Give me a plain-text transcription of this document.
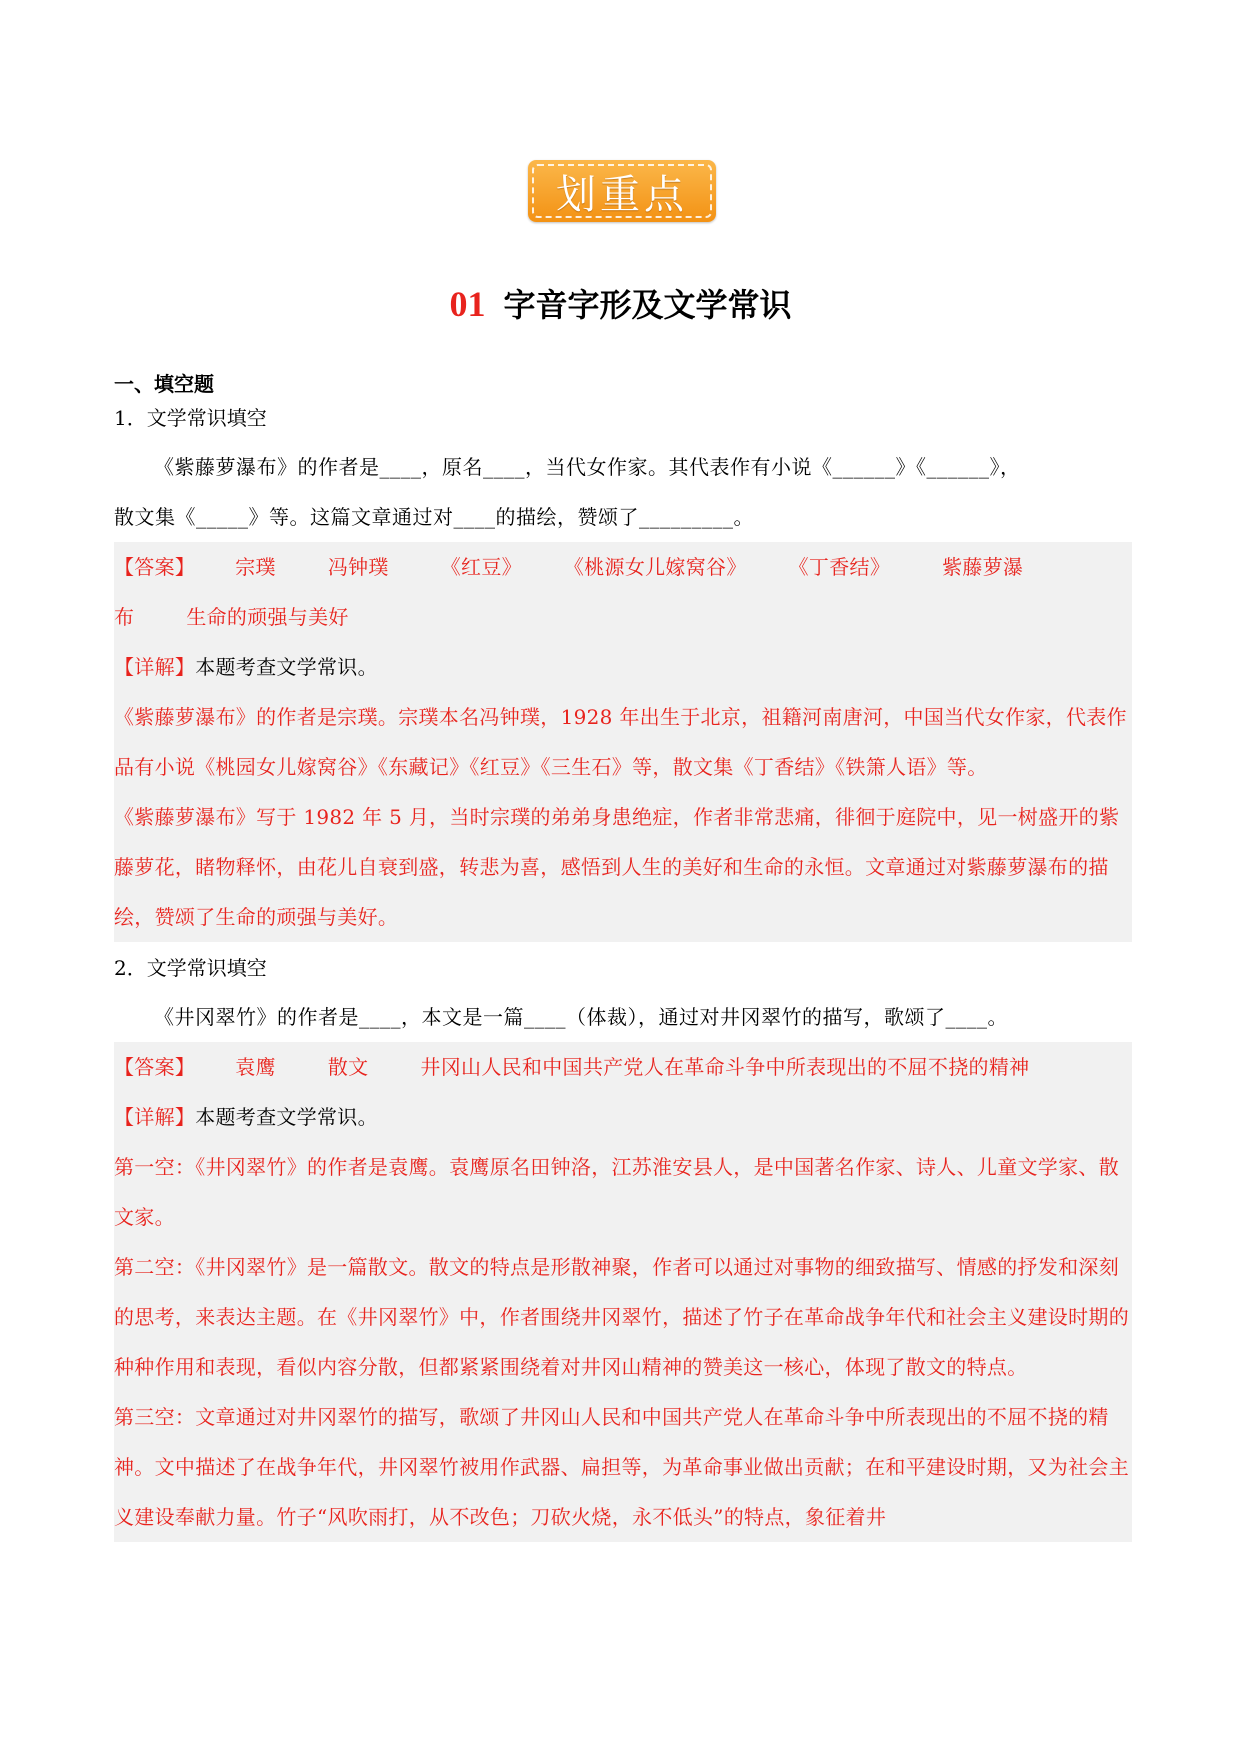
划重点
01 字音字形及文学常识

一、填空题

1．文学常识填空

《紫藤萝瀑布》的作者是____，原名____，当代女作家。其代表作有小说《______》《______》，

散文集《_____》等。这篇文章通过对____的描绘，赞颂了_________。

【答案】 宗璞	冯钟璞	《红豆》	《桃源女儿嫁窝谷》	《丁香结》	紫藤萝瀑

布	生命的顽强与美好

【详解】本题考查文学常识。

《紫藤萝瀑布》的作者是宗璞。宗璞本名冯钟璞，1928 年出生于北京，祖籍河南唐河，中国当代女作家，代表作品有小说《桃园女儿嫁窝谷》《东藏记》《红豆》《三生石》等，散文集《丁香结》《铁箫人语》等。

《紫藤萝瀑布》写于 1982 年 5 月，当时宗璞的弟弟身患绝症，作者非常悲痛，徘徊于庭院中，见一树盛开的紫藤萝花，睹物释怀，由花儿自衰到盛，转悲为喜，感悟到人生的美好和生命的永恒。文章通过对紫藤萝瀑布的描绘，赞颂了生命的顽强与美好。

2．文学常识填空

《井冈翠竹》的作者是____，本文是一篇____（体裁），通过对井冈翠竹的描写，歌颂了____。

【答案】 袁鹰	散文	井冈山人民和中国共产党人在革命斗争中所表现出的不屈不挠的精神

【详解】本题考查文学常识。

第一空：《井冈翠竹》的作者是袁鹰。袁鹰原名田钟洛，江苏淮安县人，是中国著名作家、诗人、儿童文学家、散文家。

第二空：《井冈翠竹》是一篇散文。散文的特点是形散神聚，作者可以通过对事物的细致描写、情感的抒发和深刻的思考，来表达主题。在《井冈翠竹》中，作者围绕井冈翠竹，描述了竹子在革命战争年代和社会主义建设时期的种种作用和表现，看似内容分散，但都紧紧围绕着对井冈山精神的赞美这一核心，体现了散文的特点。

第三空：文章通过对井冈翠竹的描写，歌颂了井冈山人民和中国共产党人在革命斗争中所表现出的不屈不挠的精神。文中描述了在战争年代，井冈翠竹被用作武器、扁担等，为革命事业做出贡献；在和平建设时期，又为社会主义建设奉献力量。竹子“风吹雨打，从不改色；刀砍火烧，永不低头”的特点，象征着井
